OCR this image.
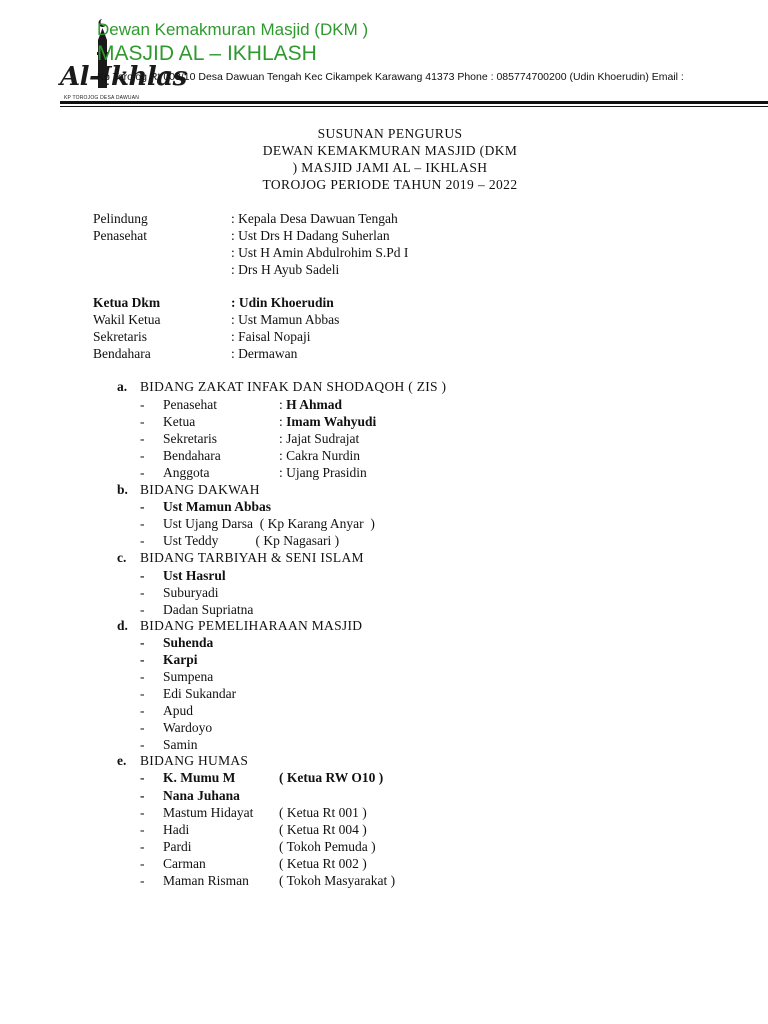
Al-Ikhlas
KP TOROJOG DESA DAWUAN
Dewan Kemakmuran Masjid (DKM )
MASJID AL – IKHLASH
Kp Torojog Rt 003/10 Desa Dawuan Tengah Kec Cikampek Karawang 41373 Phone : 085774700200 (Udin Khoerudin) Email :
SUSUNAN PENGURUS
DEWAN KEMAKMURAN MASJID (DKM
) MASJID JAMI AL – IKHLASH
TOROJOG PERIODE TAHUN 2019 – 2022
Pelindung	: Kepala Desa Dawuan Tengah
Penasehat	: Ust Drs H Dadang Suherlan
: Ust H Amin Abdulrohim S.Pd I
: Drs H Ayub Sadeli
Ketua Dkm	: Udin Khoerudin
Wakil Ketua	: Ust Mamun Abbas
Sekretaris	: Faisal Nopaji
Bendahara	: Dermawan
a. BIDANG ZAKAT INFAK DAN SHODAQOH ( ZIS )
- Penasehat	: H Ahmad
- Ketua	: Imam Wahyudi
- Sekretaris	: Jajat Sudrajat
- Bendahara	: Cakra Nurdin
- Anggota	: Ujang Prasidin
b. BIDANG DAKWAH
- Ust Mamun Abbas
- Ust Ujang Darsa  ( Kp Karang Anyar  )
- Ust Teddy           ( Kp Nagasari )
c. BIDANG TARBIYAH & SENI ISLAM
- Ust Hasrul
- Suburyadi
- Dadan Supriatna
d. BIDANG PEMELIHARAAN MASJID
- Suhenda
- Karpi
- Sumpena
- Edi Sukandar
- Apud
- Wardoyo
- Samin
e. BIDANG HUMAS
- K. Mumu M	( Ketua RW O10 )
- Nana Juhana
- Mastum Hidayat ( Ketua Rt 001 )
- Hadi	( Ketua Rt 004 )
- Pardi	( Tokoh Pemuda )
- Carman	( Ketua Rt 002 )
- Maman Risman ( Tokoh Masyarakat )
